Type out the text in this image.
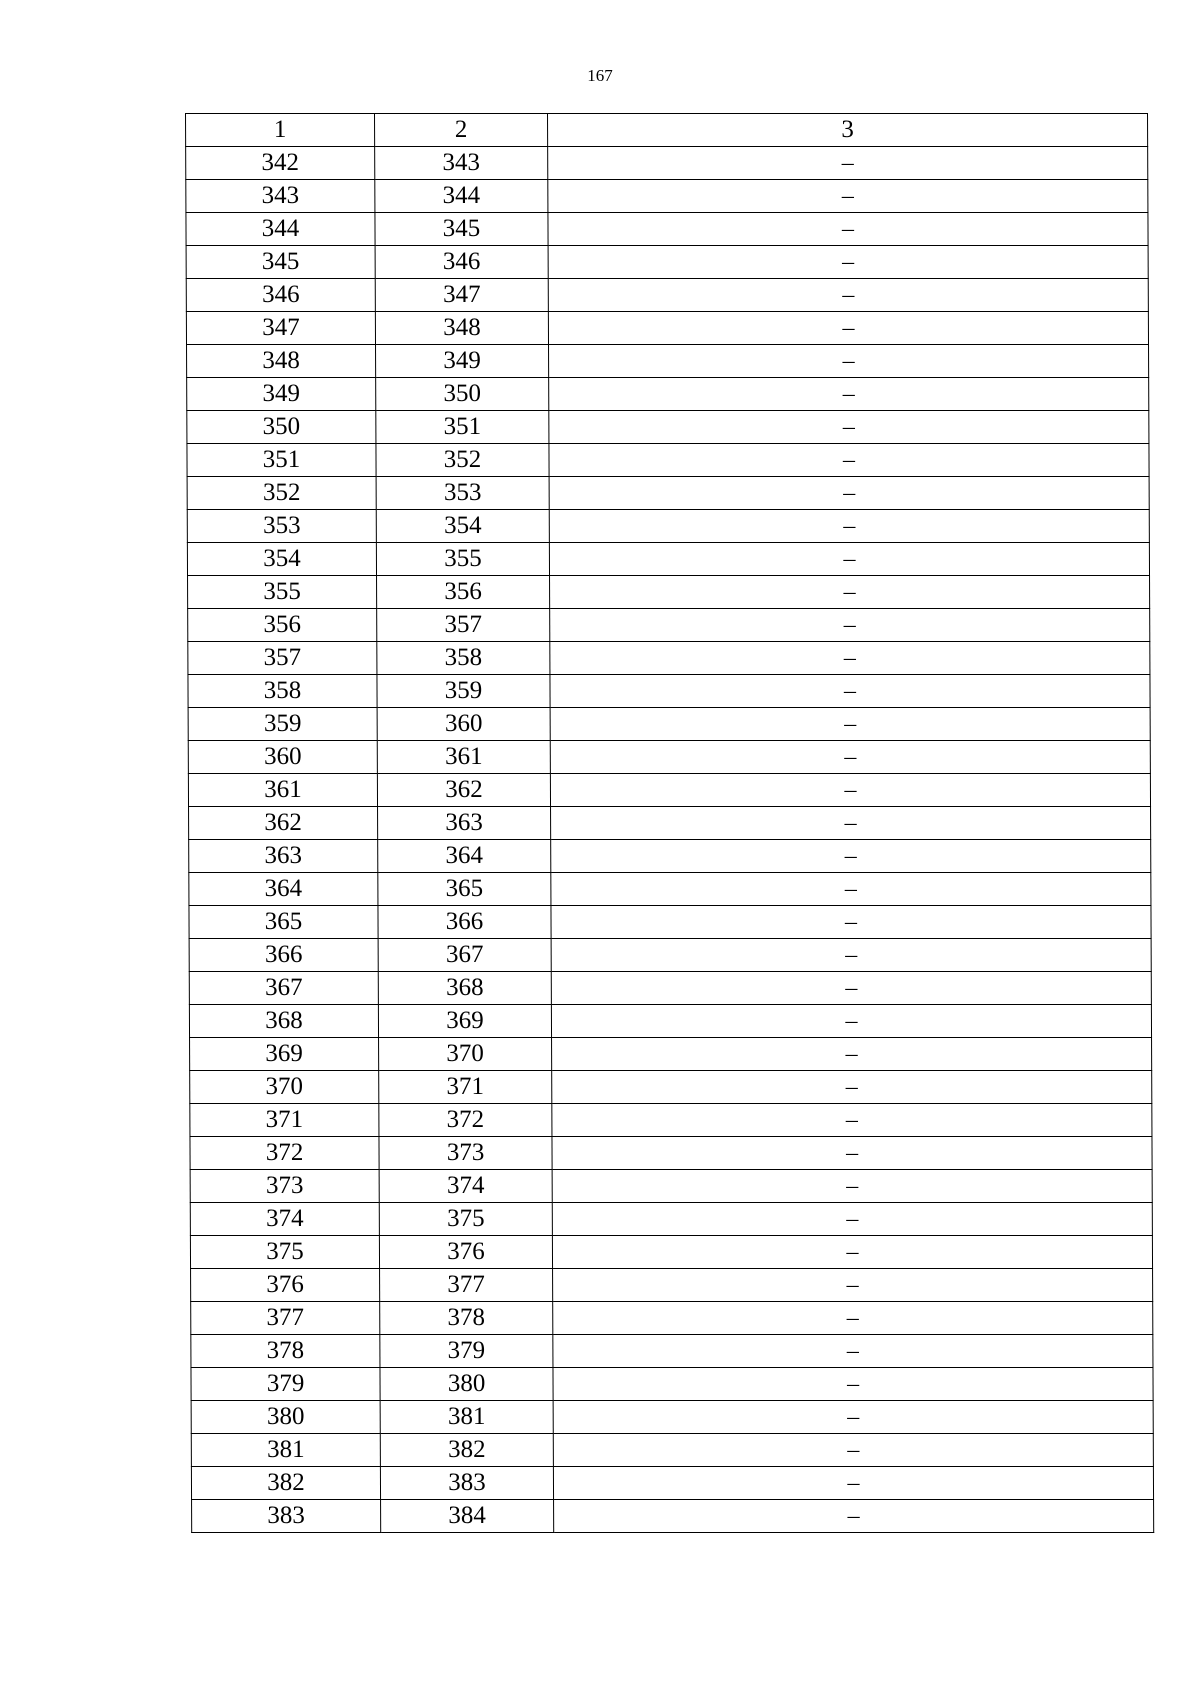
167
1	2	3
342	343	–
343	344	–
344	345	–
345	346	–
346	347	–
347	348	–
348	349	–
349	350	–
350	351	–
351	352	–
352	353	–
353	354	–
354	355	–
355	356	–
356	357	–
357	358	–
358	359	–
359	360	–
360	361	–
361	362	–
362	363	–
363	364	–
364	365	–
365	366	–
366	367	–
367	368	–
368	369	–
369	370	–
370	371	–
371	372	–
372	373	–
373	374	–
374	375	–
375	376	–
376	377	–
377	378	–
378	379	–
379	380	–
380	381	–
381	382	–
382	383	–
383	384	–
